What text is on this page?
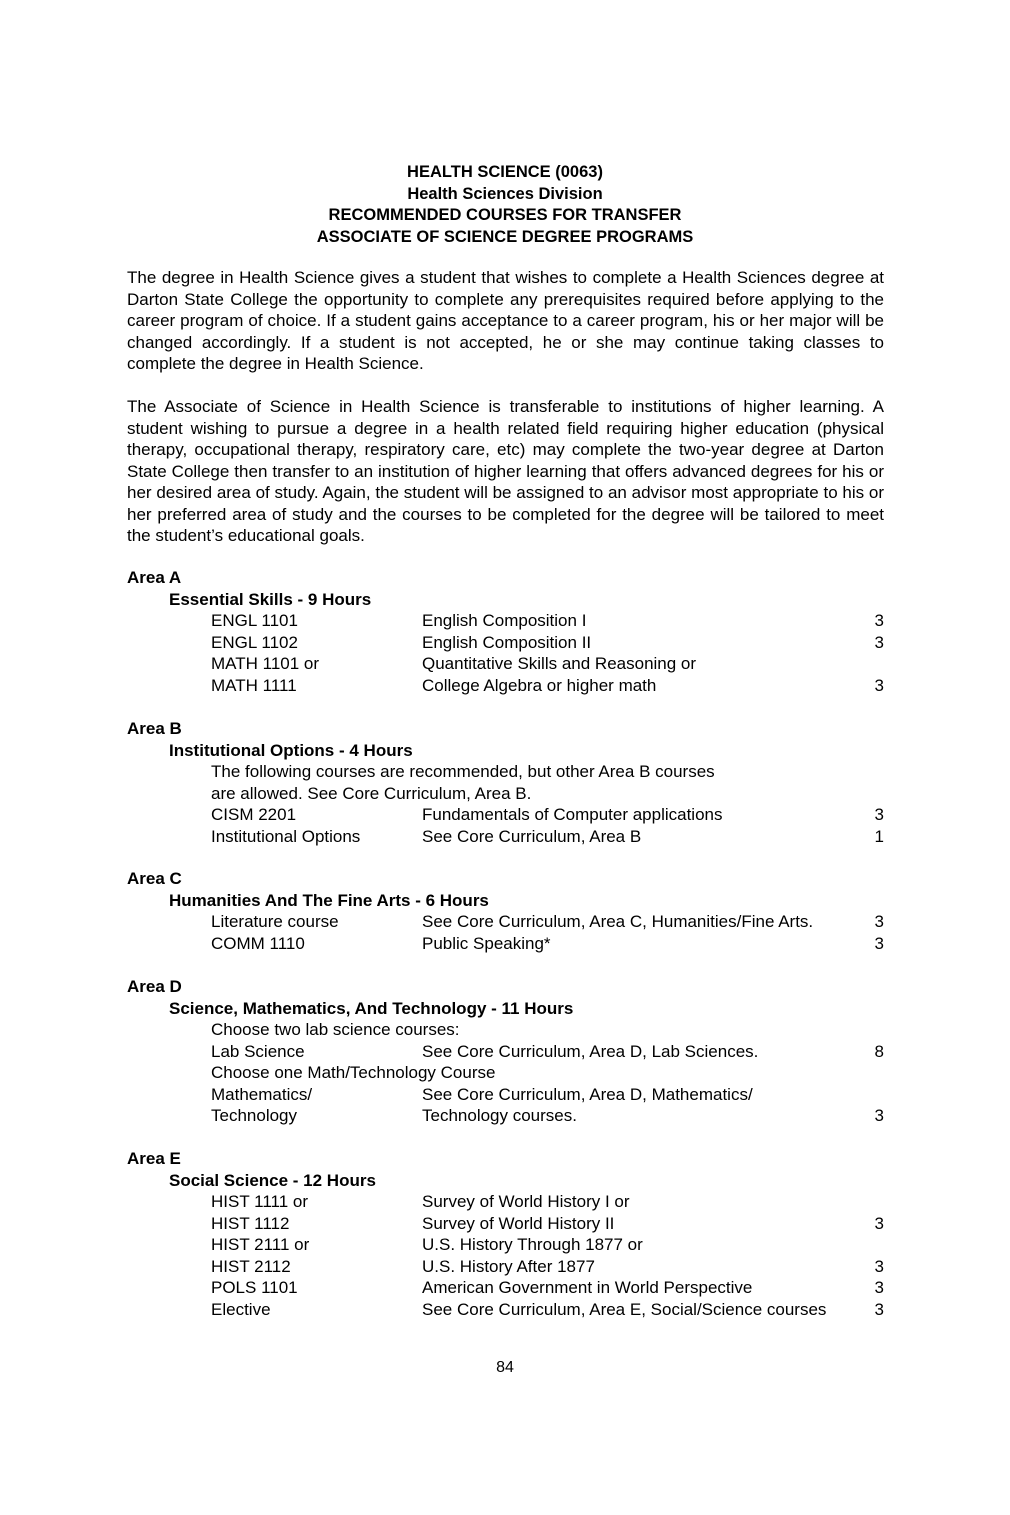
HEALTH SCIENCE (0063)
Health Sciences Division
RECOMMENDED COURSES FOR TRANSFER
ASSOCIATE OF SCIENCE DEGREE PROGRAMS

The degree in Health Science gives a student that wishes to complete a Health Sciences degree at Darton State College the opportunity to complete any prerequisites required before applying to the career program of choice. If a student gains acceptance to a career program, his or her major will be changed accordingly. If a student is not accepted, he or she may continue taking classes to complete the degree in Health Science.

The Associate of Science in Health Science is transferable to institutions of higher learning. A student wishing to pursue a degree in a health related field requiring higher education (physical therapy, occupational therapy, respiratory care, etc) may complete the two-year degree at Darton State College then transfer to an institution of higher learning that offers advanced degrees for his or her desired area of study. Again, the student will be assigned to an advisor most appropriate to his or her preferred area of study and the courses to be completed for the degree will be tailored to meet the student’s educational goals.

Area A
Essential Skills - 9 Hours
ENGL 1101	English Composition I	3
ENGL 1102	English Composition II	3
MATH 1101 or	Quantitative Skills and Reasoning or
MATH 1111	College Algebra or higher math	3
Area B
Institutional Options - 4 Hours
The following courses are recommended, but other Area B courses
are allowed. See Core Curriculum, Area B.
CISM 2201	Fundamentals of Computer applications	3
Institutional Options	See Core Curriculum, Area B	1
Area C
Humanities And The Fine Arts - 6 Hours
Literature course	See Core Curriculum, Area C, Humanities/Fine Arts.	3
COMM 1110	Public Speaking*	3
Area D
Science, Mathematics, And Technology - 11 Hours
Choose two lab science courses:
Lab Science	See Core Curriculum, Area D, Lab Sciences.	8
Choose one Math/Technology Course
Mathematics/	See Core Curriculum, Area D, Mathematics/
Technology	Technology courses.	3
Area E
Social Science - 12 Hours
HIST 1111 or	Survey of World History I or
HIST 1112	Survey of World History II	3
HIST 2111 or	U.S. History Through 1877 or
HIST 2112	U.S. History After 1877	3
POLS 1101	American Government in World Perspective	3
Elective	See Core Curriculum, Area E, Social/Science courses	3
84
